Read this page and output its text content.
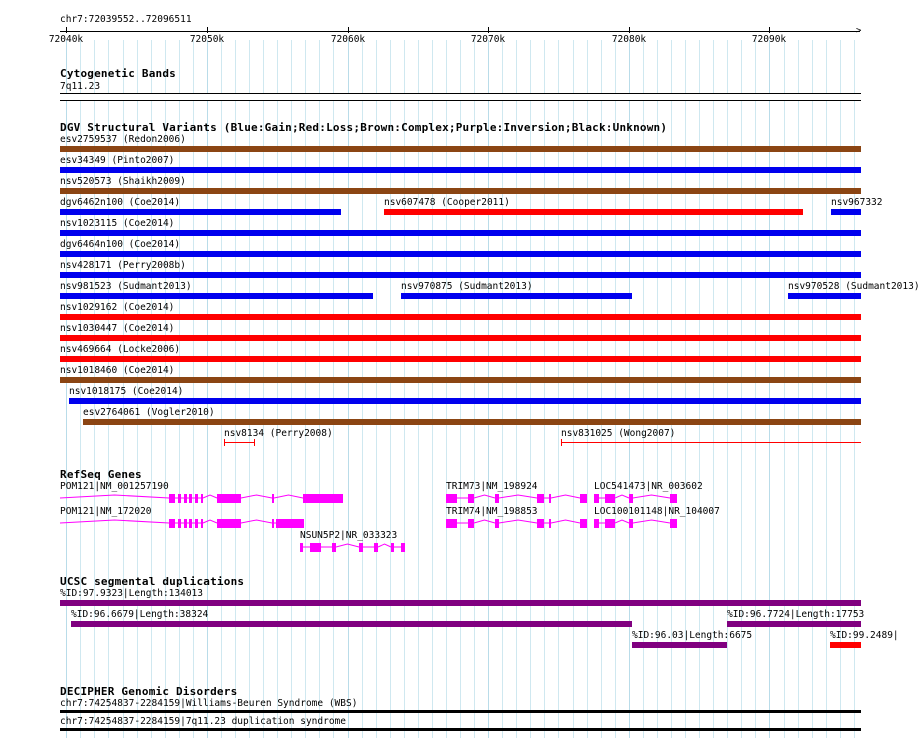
chr7:72039552..72096511
72040k	72050k	72060k	72070k	72080k	72090k
>
Cytogenetic Bands
7q11.23
DGV Structural Variants (Blue:Gain;Red:Loss;Brown:Complex;Purple:Inversion;Black:Unknown)
esv2759537 (Redon2006)
esv34349 (Pinto2007)
nsv520573 (Shaikh2009)
dgv6462n100 (Coe2014)	nsv607478 (Cooper2011)	nsv967332
nsv1023115 (Coe2014)
dgv6464n100 (Coe2014)
nsv428171 (Perry2008b)
nsv981523 (Sudmant2013)	nsv970875 (Sudmant2013)	nsv970528 (Sudmant2013)
nsv1029162 (Coe2014)
nsv1030447 (Coe2014)
nsv469664 (Locke2006)
nsv1018460 (Coe2014)
nsv1018175 (Coe2014)
esv2764061 (Vogler2010)
nsv8134 (Perry2008)	nsv831025 (Wong2007)
RefSeq Genes
POM121|NM_001257190	TRIM73|NM_198924	LOC541473|NR_003602
POM121|NM_172020	TRIM74|NM_198853	LOC100101148|NR_104007
NSUN5P2|NR_033323
UCSC segmental duplications
%ID:97.9323|Length:134013
%ID:96.6679|Length:38324	%ID:96.7724|Length:17753
%ID:96.03|Length:6675	%ID:99.2489|
DECIPHER Genomic Disorders
chr7:74254837-2284159|Williams-Beuren Syndrome (WBS)
chr7:74254837-2284159|7q11.23 duplication syndrome
